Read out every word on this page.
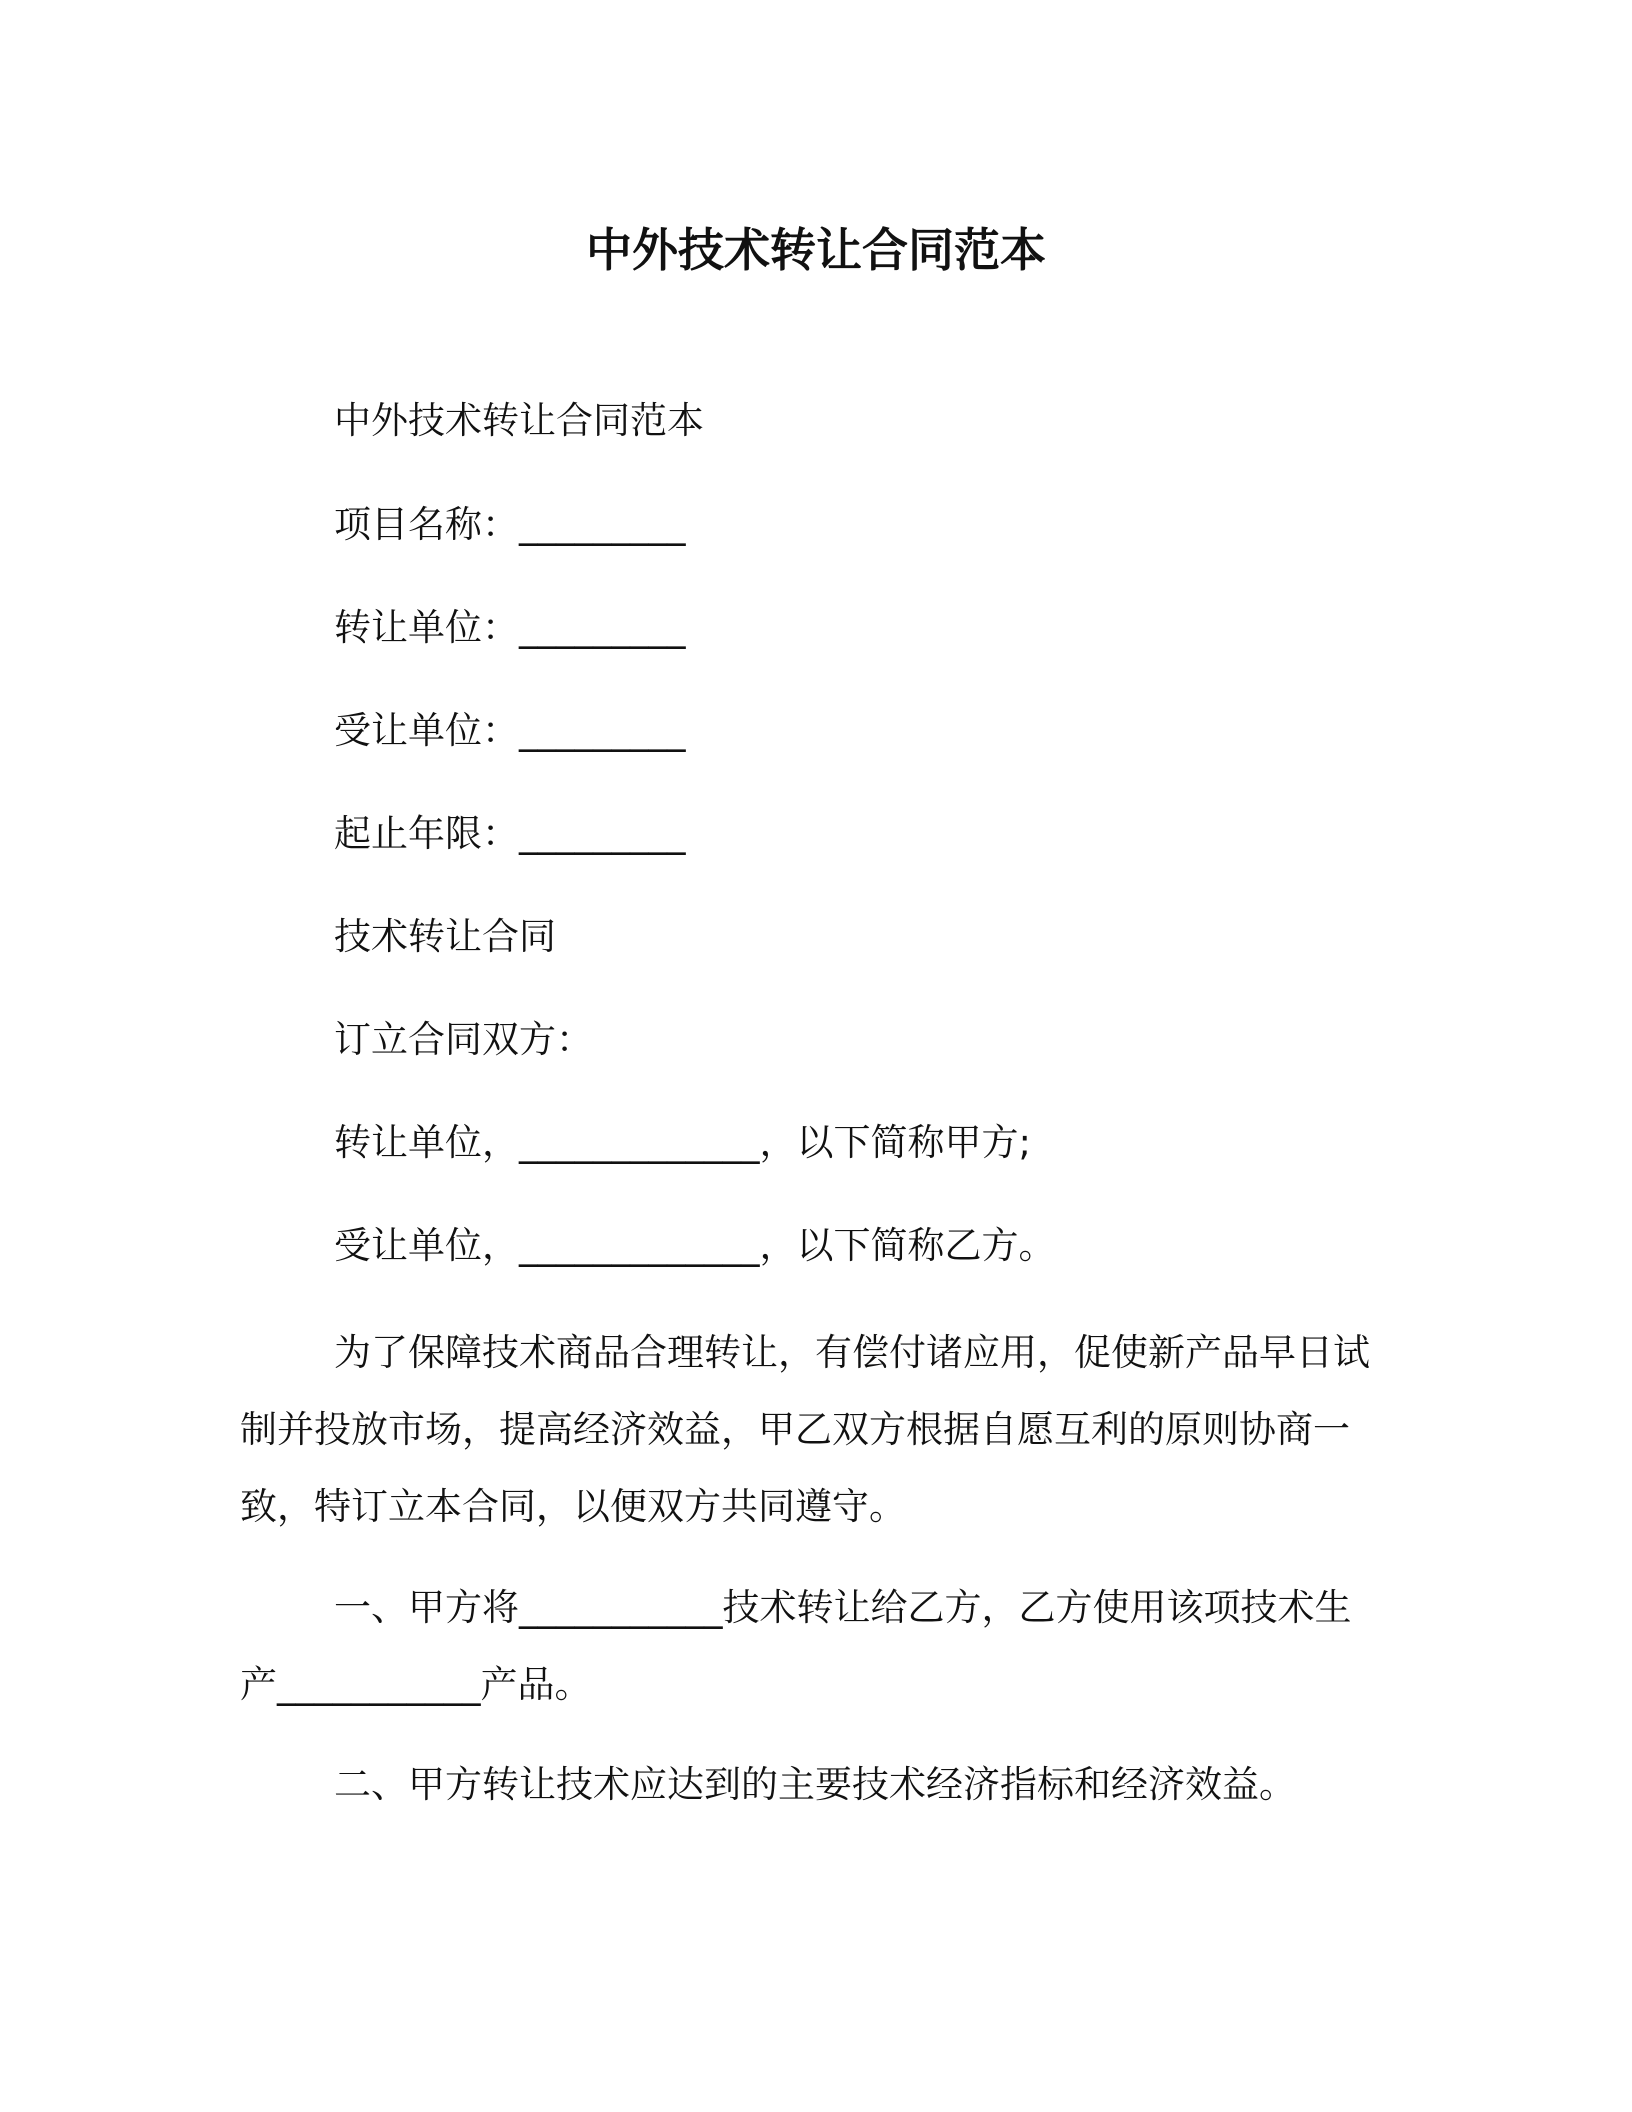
中外技术转让合同范本

中外技术转让合同范本

项目名称：_________

转让单位：_________

受让单位：_________

起止年限：_________

技术转让合同

订立合同双方：

转让单位，_____________，以下简称甲方;

受让单位，_____________，以下简称乙方。

为了保障技术商品合理转让，有偿付诸应用，促使新产品早日试制并投放市场，提高经济效益，甲乙双方根据自愿互利的原则协商一致，特订立本合同，以便双方共同遵守。

一、甲方将___________技术转让给乙方，乙方使用该项技术生产___________产品。

二、甲方转让技术应达到的主要技术经济指标和经济效益。
